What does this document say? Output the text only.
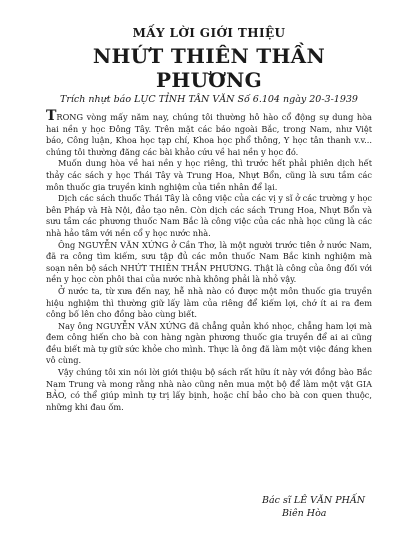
MẤY LỜI GIỚI THIỆU
NHỨT THIÊN THẦN PHƯƠNG
Trích nhựt báo LỤC TỈNH TÂN VĂN Số 6.104 ngày 20-3-1939

TRONG vòng mấy năm nay, chúng tôi thường hô hào cổ động sự dung hòa hai nền y học Đông Tây. Trên mặt các báo ngoài Bắc, trong Nam, như Việt báo, Công luận, Khoa học tạp chí, Khoa học phổ thông, Y học tân thanh v.v... chúng tôi thường đăng các bài khảo cứu về hai nền y học đó.

Muốn dung hòa về hai nền y học riêng, thì trước hết phải phiên dịch hết thảy các sách y học Thái Tây và Trung Hoa, Nhựt Bổn, cũng là sưu tầm các môn thuốc gia truyền kinh nghiệm của tiền nhân để lại.

Dịch các sách thuốc Thái Tây là công việc của các vị y sĩ ở các trường y học bên Pháp và Hà Nội, đảo tạo nên. Còn dịch các sách Trung Hoa, Nhựt Bổn và sưu tầm các phương thuốc Nam Bắc là công việc của các nhà học cũng là các nhà hảo tâm với nền cổ y học nước nhà.

Ông NGUYỄN VĂN XỨNG ở Cần Thơ, là một người trước tiên ở nước Nam, đã ra công tìm kiếm, sưu tập đủ các môn thuốc Nam Bắc kinh nghiệm mà soạn nên bộ sách NHỨT THIÊN THẦN PHƯƠNG. Thật là công của ông đối với nền y học còn phôi thai của nước nhà không phải là nhỏ vậy.

Ở nước ta, từ xưa đến nay, hễ nhà nào có được một môn thuốc gia truyền hiệu nghiệm thì thường giữ lấy làm của riêng để kiếm lợi, chớ ít ai ra đem công bố lên cho đồng bào cùng biết.

Nay ông NGUYỄN VĂN XỨNG đã chẳng quản khó nhọc, chẳng ham lợi mà đem công hiến cho bà con hàng ngàn phương thuốc gia truyền để ai ai cũng đều biết mà tự giữ sức khỏe cho mình. Thực là ông đã làm một việc đáng khen vô cùng.

Vậy chúng tôi xin nói lời giới thiệu bộ sách rất hữu ít này với đồng bào Bắc Nam Trung và mong rằng nhà nào cũng nên mua một bộ để làm một vật GIA BẢO, có thể giúp mình tự trị lấy bịnh, hoặc chỉ bảo cho bà con quen thuộc, những khi đau ốm.

Bác sĩ LÊ VĂN PHẤN
Biên Hòa
